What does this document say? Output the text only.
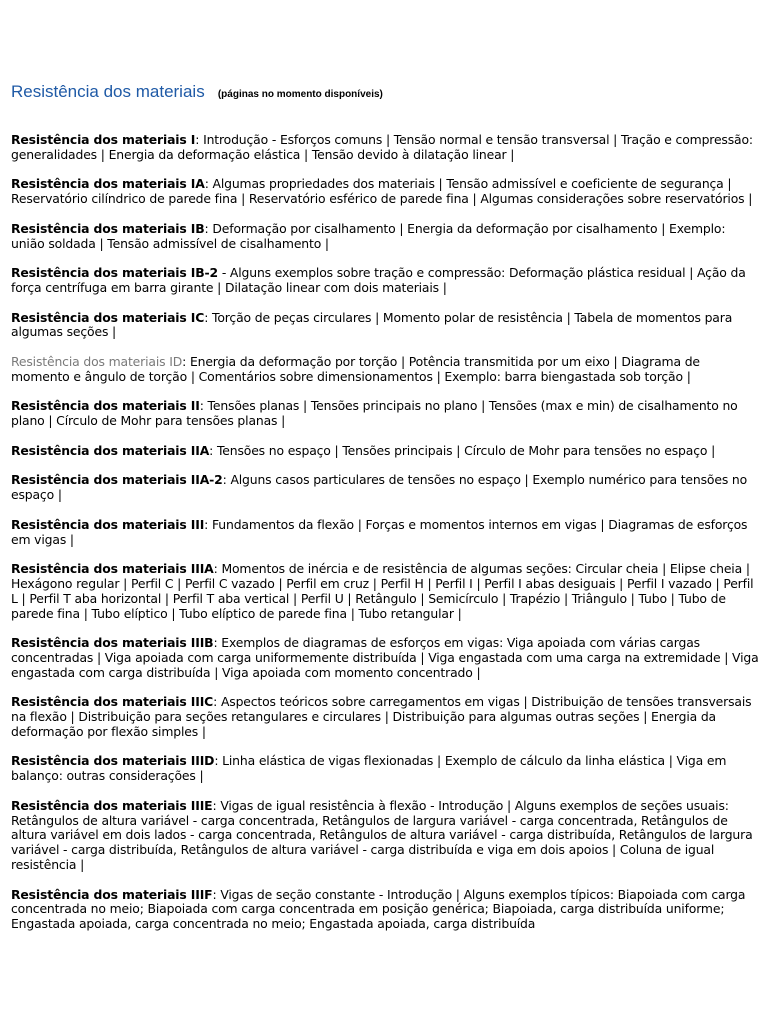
Resistência dos materiais (páginas no momento disponíveis)

Resistência dos materiais I: Introdução - Esforços comuns | Tensão normal e tensão transversal | Tração e compressão: generalidades | Energia da deformação elástica | Tensão devido à dilatação linear |

Resistência dos materiais IA: Algumas propriedades dos materiais | Tensão admissível e coeficiente de segurança | Reservatório cilíndrico de parede fina | Reservatório esférico de parede fina | Algumas considerações sobre reservatórios |

Resistência dos materiais IB: Deformação por cisalhamento | Energia da deformação por cisalhamento | Exemplo: união soldada | Tensão admissível de cisalhamento |

Resistência dos materiais IB-2 - Alguns exemplos sobre tração e compressão: Deformação plástica residual | Ação da força centrífuga em barra girante | Dilatação linear com dois materiais |

Resistência dos materiais IC: Torção de peças circulares | Momento polar de resistência | Tabela de momentos para algumas seções |

Resistência dos materiais ID: Energia da deformação por torção | Potência transmitida por um eixo | Diagrama de momento e ângulo de torção | Comentários sobre dimensionamentos | Exemplo: barra biengastada sob torção |

Resistência dos materiais II: Tensões planas | Tensões principais no plano | Tensões (max e min) de cisalhamento no plano | Círculo de Mohr para tensões planas |

Resistência dos materiais IIA: Tensões no espaço | Tensões principais | Círculo de Mohr para tensões no espaço |

Resistência dos materiais IIA-2: Alguns casos particulares de tensões no espaço | Exemplo numérico para tensões no espaço |

Resistência dos materiais III: Fundamentos da flexão | Forças e momentos internos em vigas | Diagramas de esforços em vigas |

Resistência dos materiais IIIA: Momentos de inércia e de resistência de algumas seções: Circular cheia | Elipse cheia | Hexágono regular | Perfil C | Perfil C vazado | Perfil em cruz | Perfil H | Perfil I | Perfil I abas desiguais | Perfil I vazado | Perfil L | Perfil T aba horizontal | Perfil T aba vertical | Perfil U | Retângulo | Semicírculo | Trapézio | Triângulo | Tubo | Tubo de parede fina | Tubo elíptico | Tubo elíptico de parede fina | Tubo retangular |

Resistência dos materiais IIIB: Exemplos de diagramas de esforços em vigas: Viga apoiada com várias cargas concentradas | Viga apoiada com carga uniformemente distribuída | Viga engastada com uma carga na extremidade | Viga engastada com carga distribuída | Viga apoiada com momento concentrado |

Resistência dos materiais IIIC: Aspectos teóricos sobre carregamentos em vigas | Distribuição de tensões transversais na flexão | Distribuição para seções retangulares e circulares | Distribuição para algumas outras seções | Energia da deformação por flexão simples |

Resistência dos materiais IIID: Linha elástica de vigas flexionadas | Exemplo de cálculo da linha elástica | Viga em balanço: outras considerações |

Resistência dos materiais IIIE: Vigas de igual resistência à flexão - Introdução | Alguns exemplos de seções usuais: Retângulos de altura variável - carga concentrada, Retângulos de largura variável - carga concentrada, Retângulos de altura variável em dois lados - carga concentrada, Retângulos de altura variável - carga distribuída, Retângulos de largura variável - carga distribuída, Retângulos de altura variável - carga distribuída e viga em dois apoios | Coluna de igual resistência |

Resistência dos materiais IIIF: Vigas de seção constante - Introdução | Alguns exemplos típicos: Biapoiada com carga concentrada no meio; Biapoiada com carga concentrada em posição genérica; Biapoiada, carga distribuída uniforme; Engastada apoiada, carga concentrada no meio; Engastada apoiada, carga distribuída
